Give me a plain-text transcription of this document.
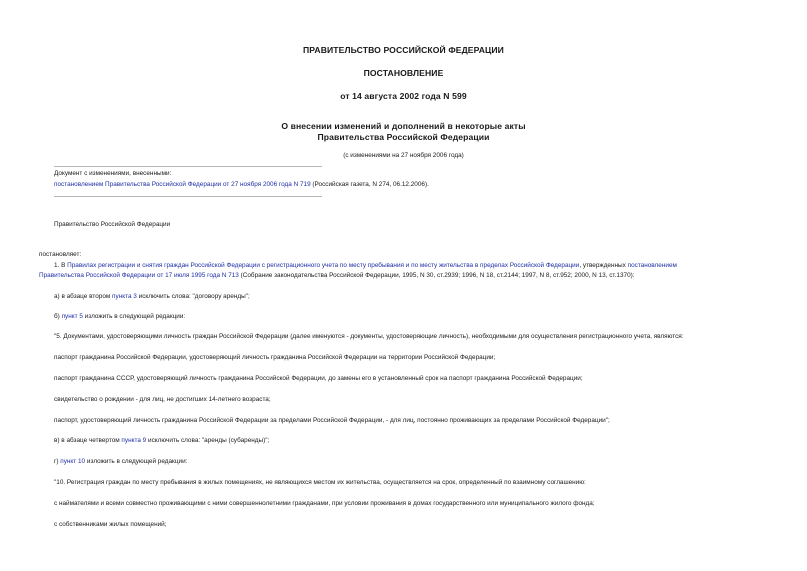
ПРАВИТЕЛЬСТВО РОССИЙСКОЙ ФЕДЕРАЦИИ
ПОСТАНОВЛЕНИЕ
от 14 августа 2002 года N 599
О внесении изменений и дополнений в некоторые акты
Правительства Российской Федерации
(с изменениями на 27 ноября 2006 года)
Документ с изменениями, внесенными:
постановлением Правительства Российской Федерации от 27 ноября 2006 года N 719 (Российская газета, N 274, 06.12.2006).
Правительство Российской Федерации
постановляет:
1. В Правилах регистрации и снятия граждан Российской Федерации с регистрационного учета по месту пребывания и по месту жительства в пределах Российской Федерации, утвержденных постановлением
Правительства Российской Федерации от 17 июля 1995 года N 713 (Собрание законодательства Российской Федерации, 1995, N 30, ст.2939; 1996, N 18, ст.2144; 1997, N 8, ст.952; 2000, N 13, ст.1370):
а) в абзаце втором пункта 3 исключить слова: "договору аренды";
б) пункт 5 изложить в следующей редакции:
"5. Документами, удостоверяющими личность граждан Российской Федерации (далее именуются - документы, удостоверяющие личность), необходимыми для осуществления регистрационного учета, являются:
паспорт гражданина Российской Федерации, удостоверяющий личность гражданина Российской Федерации на территории Российской Федерации;
паспорт гражданина СССР, удостоверяющий личность гражданина Российской Федерации, до замены его в установленный срок на паспорт гражданина Российской Федерации;
свидетельство о рождении - для лиц, не достигших 14-летнего возраста;
паспорт, удостоверяющий личность гражданина Российской Федерации за пределами Российской Федерации, - для лиц, постоянно проживающих за пределами Российской Федерации";
в) в абзаце четвертом пункта 9 исключить слова: "аренды (субаренды)";
г) пункт 10 изложить в следующей редакции:
"10. Регистрация граждан по месту пребывания в жилых помещениях, не являющихся местом их жительства, осуществляется на срок, определенный по взаимному соглашению:
с наймателями и всеми совместно проживающими с ними совершеннолетними гражданами, при условии проживания в домах государственного или муниципального жилого фонда;
с собственниками жилых помещений;
